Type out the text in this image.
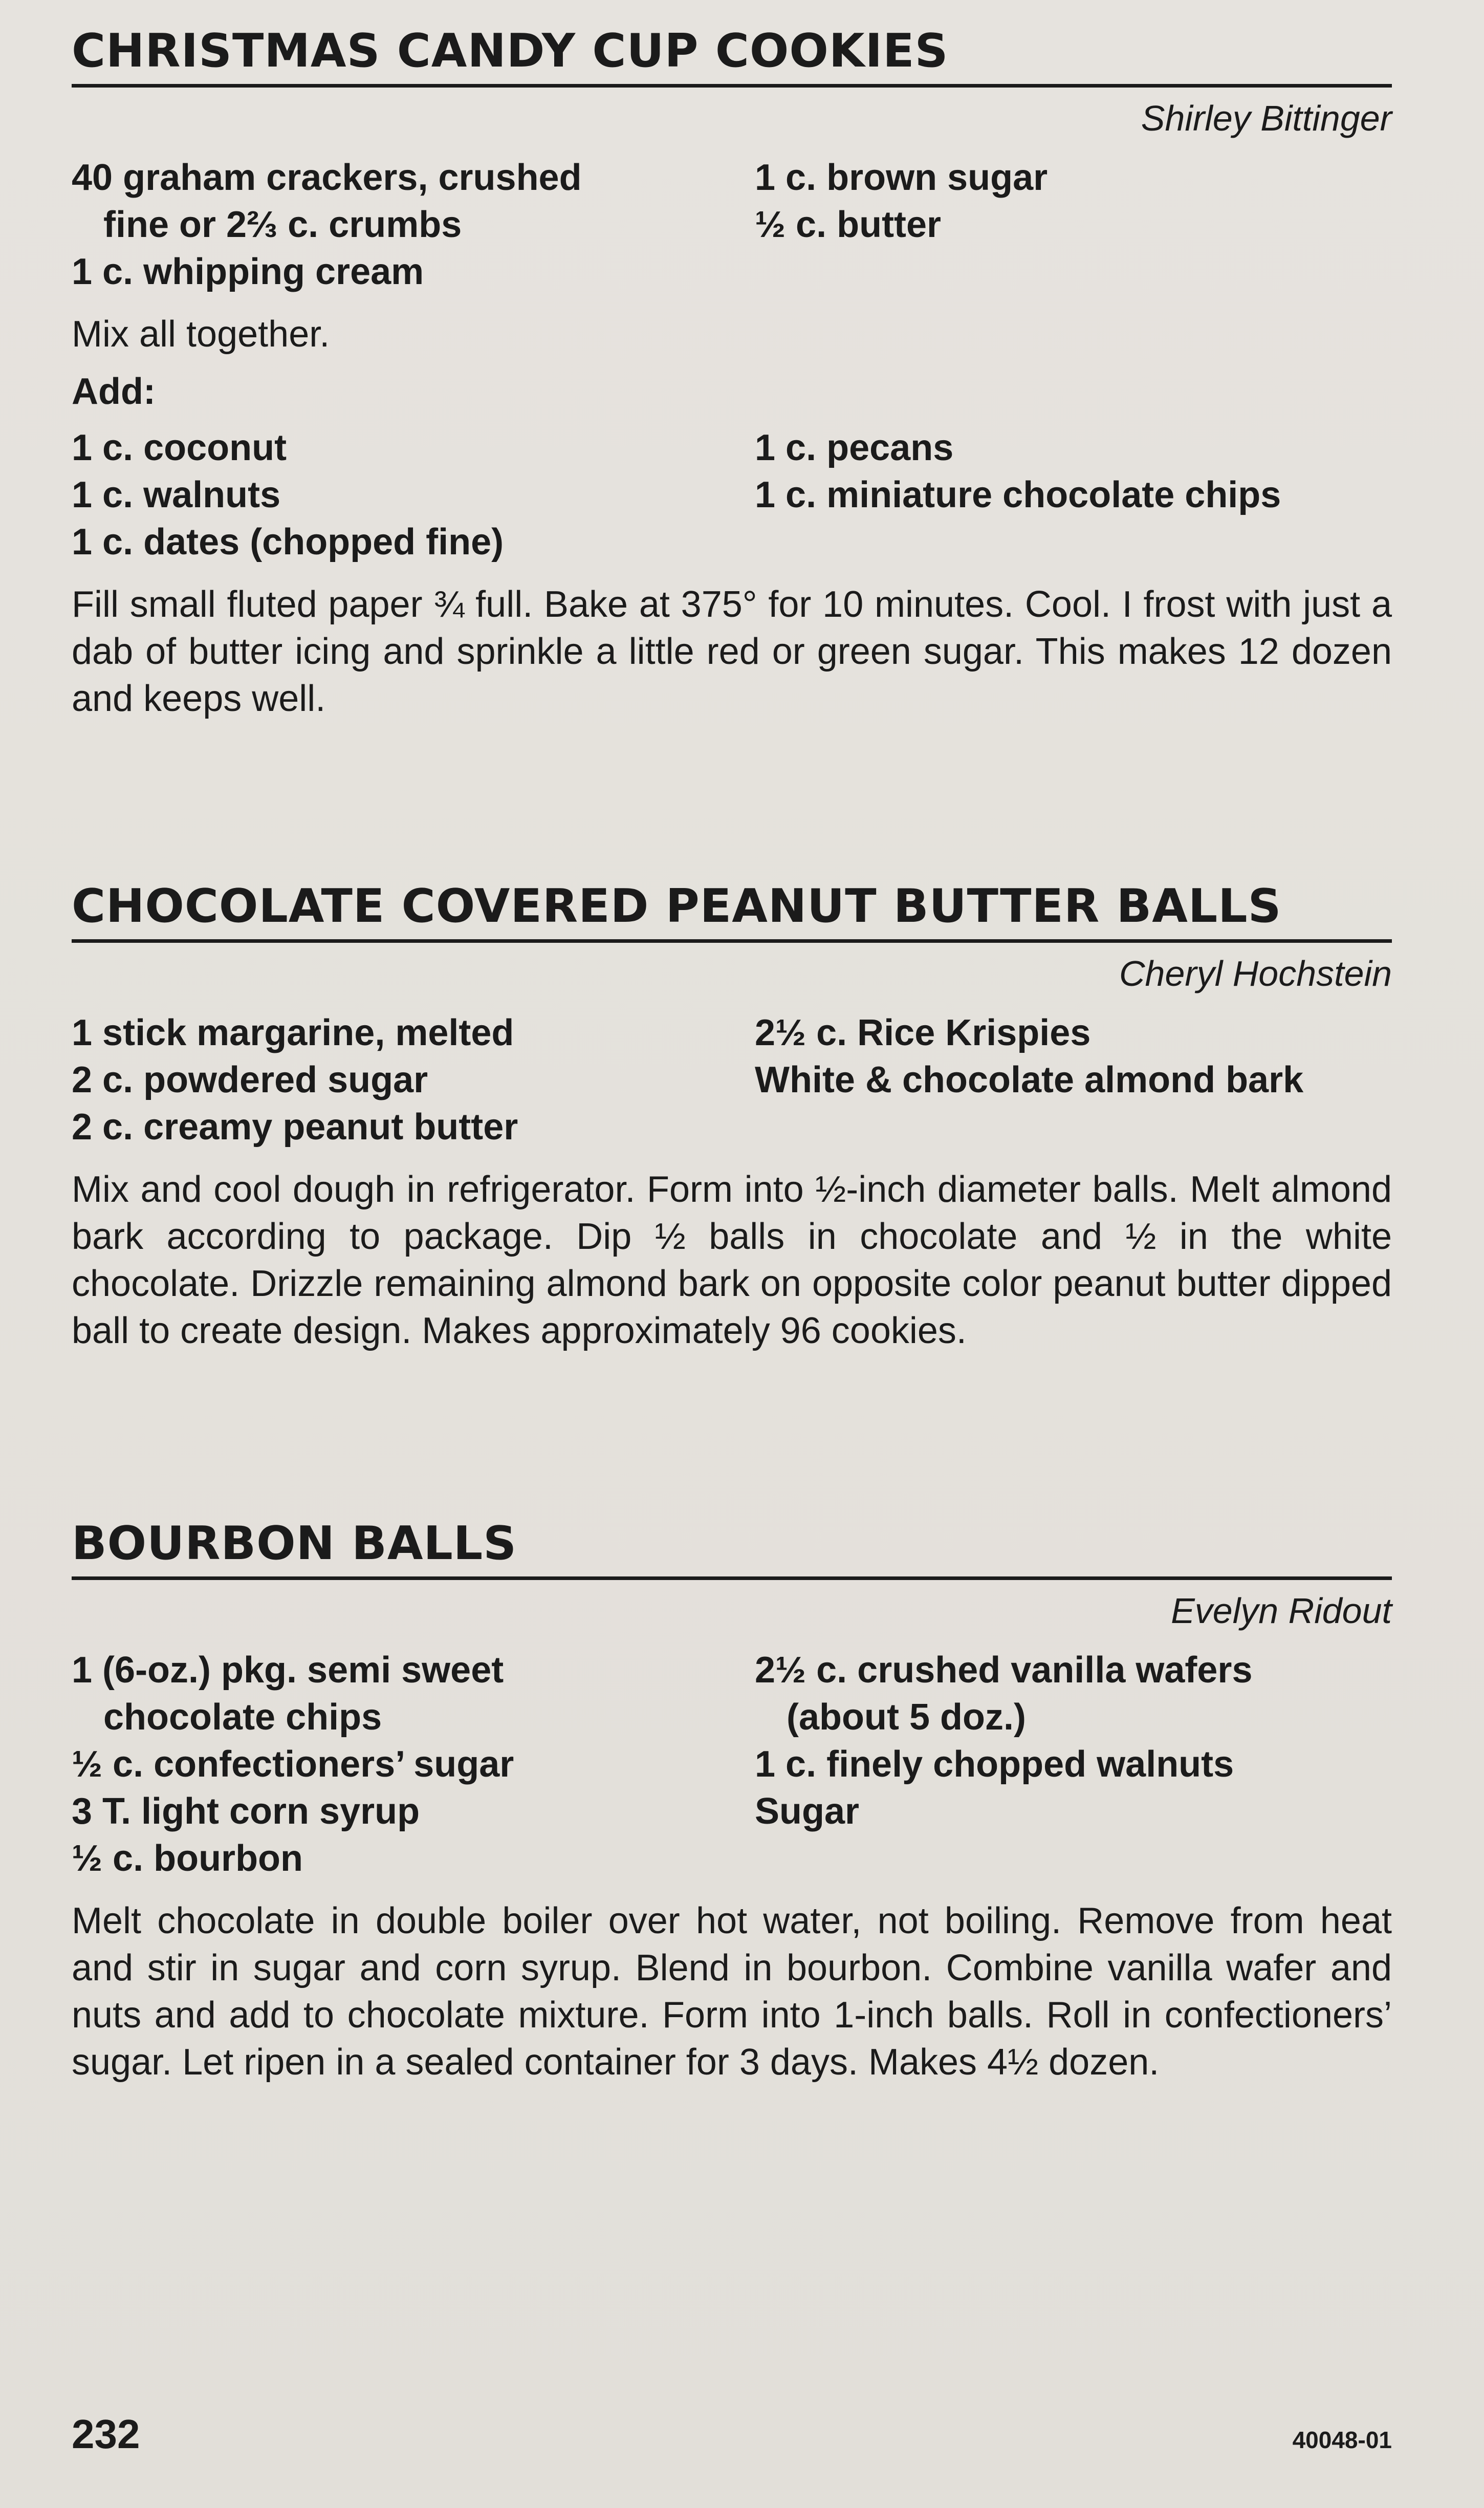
CHRISTMAS CANDY CUP COOKIES
Shirley Bittinger
40 graham crackers, crushed
fine or 2⅔ c. crumbs
1 c. whipping cream
1 c. brown sugar
½ c. butter

Mix all together.

Add:
1 c. coconut
1 c. walnuts
1 c. dates (chopped fine)
1 c. pecans
1 c. miniature chocolate chips

Fill small fluted paper ¾ full. Bake at 375° for 10 minutes. Cool. I frost with just a dab of butter icing and sprinkle a little red or green sugar. This makes 12 dozen and keeps well.

CHOCOLATE COVERED PEANUT BUTTER BALLS
Cheryl Hochstein
1 stick margarine, melted
2 c. powdered sugar
2 c. creamy peanut butter
2½ c. Rice Krispies
White & chocolate almond bark

Mix and cool dough in refrigerator. Form into ½-inch diameter balls. Melt almond bark according to package. Dip ½ balls in chocolate and ½ in the white chocolate. Drizzle remaining almond bark on opposite color peanut butter dipped ball to create design. Makes approximately 96 cookies.

BOURBON BALLS
Evelyn Ridout
1 (6-oz.) pkg. semi sweet
chocolate chips
½ c. confectioners’ sugar
3 T. light corn syrup
½ c. bourbon
2½ c. crushed vanilla wafers
(about 5 doz.)
1 c. finely chopped walnuts
Sugar

Melt chocolate in double boiler over hot water, not boiling. Remove from heat and stir in sugar and corn syrup. Blend in bourbon. Combine vanilla wafer and nuts and add to chocolate mixture. Form into 1-inch balls. Roll in confectioners’ sugar. Let ripen in a sealed container for 3 days. Makes 4½ dozen.

232	40048-01
